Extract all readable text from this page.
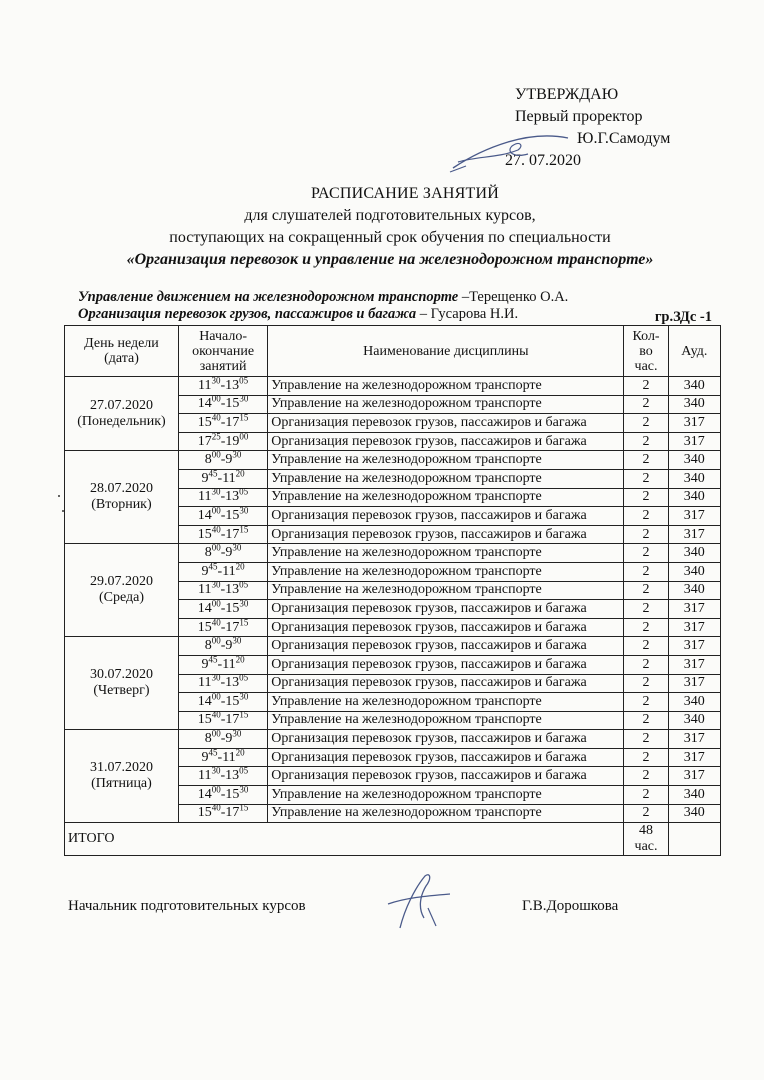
УТВЕРЖДАЮ
Первый проректор
Ю.Г.Самодум
27. 07.2020
РАСПИСАНИЕ ЗАНЯТИЙ
для слушателей подготовительных курсов,
поступающих на сокращенный срок обучения по специальности
«Организация перевозок и управление на железнодорожном транспорте»
Управление движением на железнодорожном транспорте –Терещенко О.А.
Организация перевозок грузов, пассажиров и багажа – Гусарова Н.И.	гр.ЗДс -1
День недели (дата)	Начало-окончание занятий	Наименование дисциплины	Кол-во час.	Ауд.
27.07.2020
(Понедельник)	$11^{30}-13^{05}$	Управление на железнодорожном транспорте	2	340
	$14^{00}-15^{30}$	Управление на железнодорожном транспорте	2	340
	$15^{40}-17^{15}$	Организация перевозок грузов, пассажиров и багажа	2	317
	$17^{25}-19^{00}$	Организация перевозок грузов, пассажиров и багажа	2	317
28.07.2020
(Вторник)	$8^{00}-9^{30}$	Управление на железнодорожном транспорте	2	340
	$9^{45}-11^{20}$	Управление на железнодорожном транспорте	2	340
	$11^{30}-13^{05}$	Управление на железнодорожном транспорте	2	340
	$14^{00}-15^{30}$	Организация перевозок грузов, пассажиров и багажа	2	317
	$15^{40}-17^{15}$	Организация перевозок грузов, пассажиров и багажа	2	317
29.07.2020
(Среда)	$8^{00}-9^{30}$	Управление на железнодорожном транспорте	2	340
	$9^{45}-11^{20}$	Управление на железнодорожном транспорте	2	340
	$11^{30}-13^{05}$	Управление на железнодорожном транспорте	2	340
	$14^{00}-15^{30}$	Организация перевозок грузов, пассажиров и багажа	2	317
	$15^{40}-17^{15}$	Организация перевозок грузов, пассажиров и багажа	2	317
30.07.2020
(Четверг)	$8^{00}-9^{30}$	Организация перевозок грузов, пассажиров и багажа	2	317
	$9^{45}-11^{20}$	Организация перевозок грузов, пассажиров и багажа	2	317
	$11^{30}-13^{05}$	Организация перевозок грузов, пассажиров и багажа	2	317
	$14^{00}-15^{30}$	Управление на железнодорожном транспорте	2	340
	$15^{40}-17^{15}$	Управление на железнодорожном транспорте	2	340
31.07.2020
(Пятница)	$8^{00}-9^{30}$	Организация перевозок грузов, пассажиров и багажа	2	317
	$9^{45}-11^{20}$	Организация перевозок грузов, пассажиров и багажа	2	317
	$11^{30}-13^{05}$	Организация перевозок грузов, пассажиров и багажа	2	317
	$14^{00}-15^{30}$	Управление на железнодорожном транспорте	2	340
	$15^{40}-17^{15}$	Управление на железнодорожном транспорте	2	340
ИТОГО			48
час.	
Начальник подготовительных курсов	Г.В.Дорошкова
